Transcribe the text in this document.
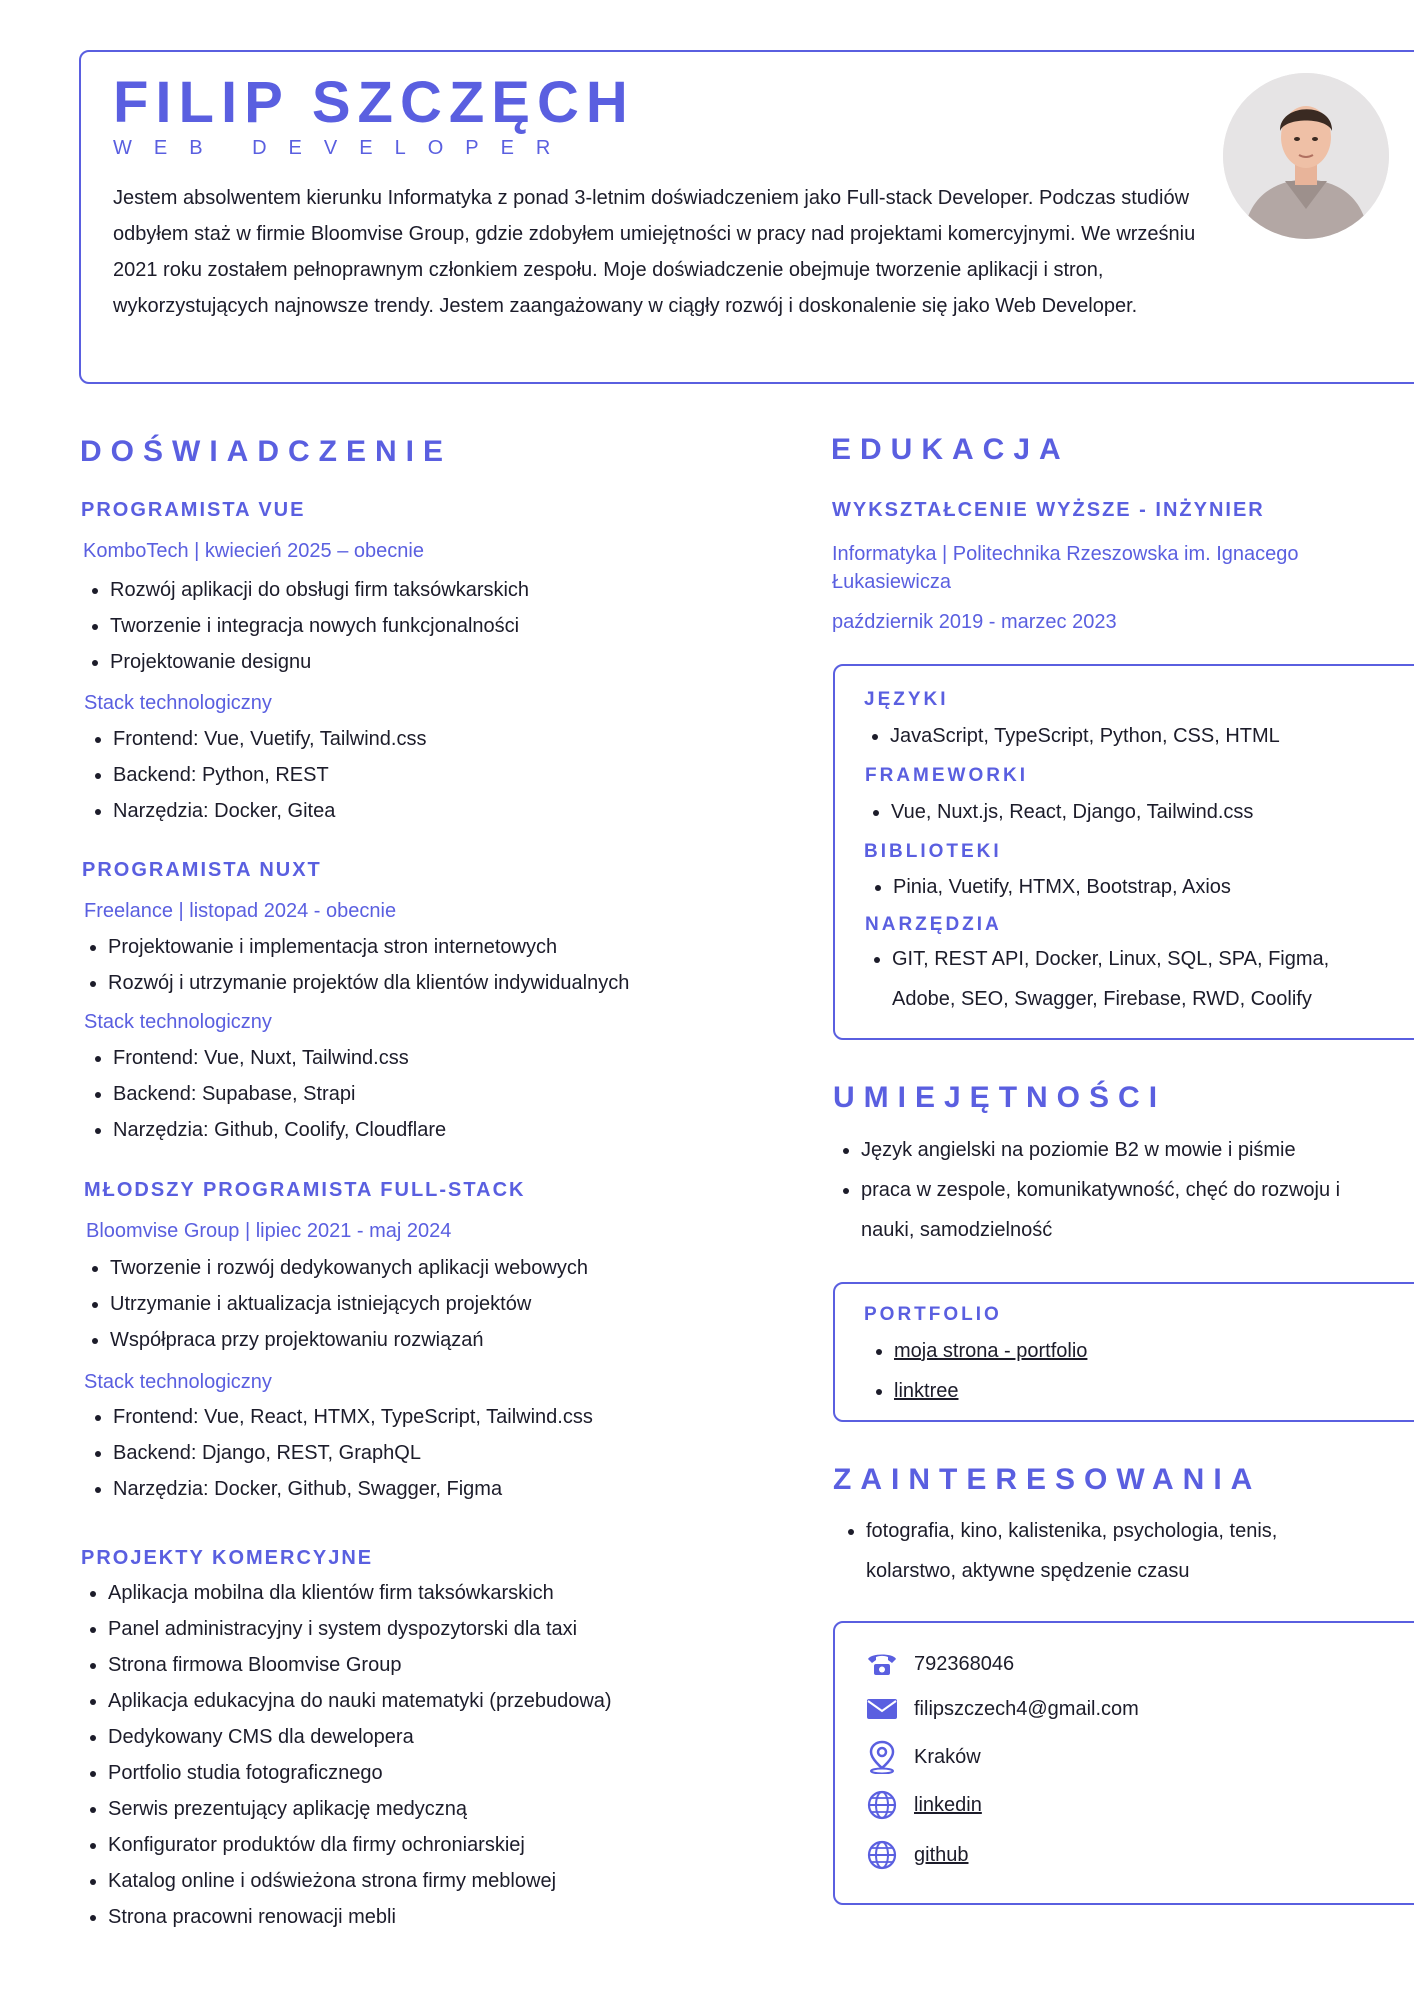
FILIP SZCZĘCH
WEB DEVELOPER

Jestem absolwentem kierunku Informatyka z ponad 3-letnim doświadczeniem jako Full-stack Developer. Podczas studiów odbyłem staż w firmie Bloomvise Group, gdzie zdobyłem umiejętności w pracy nad projektami komercyjnymi. We wrześniu 2021 roku zostałem pełnoprawnym członkiem zespołu. Moje doświadczenie obejmuje tworzenie aplikacji i stron, wykorzystujących najnowsze trendy. Jestem zaangażowany w ciągły rozwój i doskonalenie się jako Web Developer.

DOŚWIADCZENIE
PROGRAMISTA VUE
KomboTech | kwiecień 2025 – obecnie
• Rozwój aplikacji do obsługi firm taksówkarskich
• Tworzenie i integracja nowych funkcjonalności
• Projektowanie designu
Stack technologiczny
• Frontend: Vue, Vuetify, Tailwind.css
• Backend: Python, REST
• Narzędzia: Docker, Gitea
PROGRAMISTA NUXT
Freelance | listopad 2024 - obecnie
• Projektowanie i implementacja stron internetowych
• Rozwój i utrzymanie projektów dla klientów indywidualnych
Stack technologiczny
• Frontend: Vue, Nuxt, Tailwind.css
• Backend: Supabase, Strapi
• Narzędzia: Github, Coolify, Cloudflare
MŁODSZY PROGRAMISTA FULL-STACK
Bloomvise Group | lipiec 2021 - maj 2024
• Tworzenie i rozwój dedykowanych aplikacji webowych
• Utrzymanie i aktualizacja istniejących projektów
• Współpraca przy projektowaniu rozwiązań
Stack technologiczny
• Frontend: Vue, React, HTMX, TypeScript, Tailwind.css
• Backend: Django, REST, GraphQL
• Narzędzia: Docker, Github, Swagger, Figma
PROJEKTY KOMERCYJNE
• Aplikacja mobilna dla klientów firm taksówkarskich
• Panel administracyjny i system dyspozytorski dla taxi
• Strona firmowa Bloomvise Group
• Aplikacja edukacyjna do nauki matematyki (przebudowa)
• Dedykowany CMS dla dewelopera
• Portfolio studia fotograficznego
• Serwis prezentujący aplikację medyczną
• Konfigurator produktów dla firmy ochroniarskiej
• Katalog online i odświeżona strona firmy meblowej
• Strona pracowni renowacji mebli
EDUKACJA
WYKSZTAŁCENIE WYŻSZE - INŻYNIER
Informatyka | Politechnika Rzeszowska im. Ignacego Łukasiewicza
październik 2019 - marzec 2023
JĘZYKI
• JavaScript, TypeScript, Python, CSS, HTML
FRAMEWORKI
• Vue, Nuxt.js, React, Django, Tailwind.css
BIBLIOTEKI
• Pinia, Vuetify, HTMX, Bootstrap, Axios
NARZĘDZIA
• GIT, REST API, Docker, Linux, SQL, SPA, Figma, Adobe, SEO, Swagger, Firebase, RWD, Coolify
UMIEJĘTNOŚCI
• Język angielski na poziomie B2 w mowie i piśmie
• praca w zespole, komunikatywność, chęć do rozwoju i nauki, samodzielność
PORTFOLIO
• moja strona - portfolio
• linktree
ZAINTERESOWANIA
• fotografia, kino, kalistenika, psychologia, tenis, kolarstwo, aktywne spędzenie czasu
792368046
filipszczech4@gmail.com
Kraków
linkedin
github
